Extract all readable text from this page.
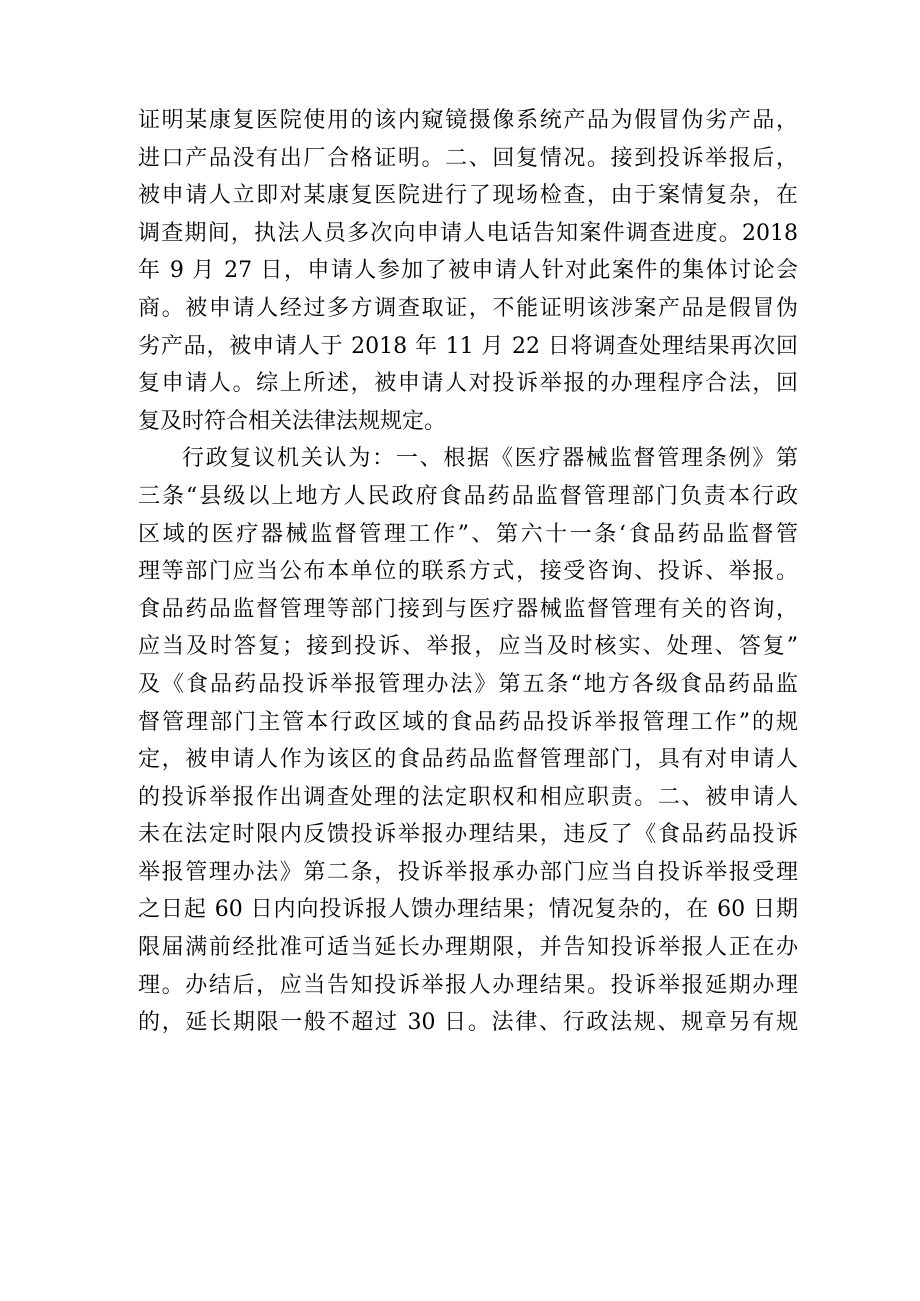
证明某康复医院使用的该内窥镜摄像系统产品为假冒伪劣产品，
进口产品没有出厂合格证明。二、回复情况。接到投诉举报后，
被申请人立即对某康复医院进行了现场检查，由于案情复杂，在
调查期间，执法人员多次向申请人电话告知案件调查进度。2018
年 9 月 27 日，申请人参加了被申请人针对此案件的集体讨论会
商。被申请人经过多方调查取证，不能证明该涉案产品是假冒伪
劣产品，被申请人于 2018 年 11 月 22 日将调查处理结果再次回
复申请人。综上所述，被申请人对投诉举报的办理程序合法，回
复及时符合相关法律法规规定。
行政复议机关认为：一、根据《医疗器械监督管理条例》第
三条“县级以上地方人民政府食品药品监督管理部门负责本行政
区域的医疗器械监督管理工作”、第六十一条‘食品药品监督管
理等部门应当公布本单位的联系方式，接受咨询、投诉、举报。
食品药品监督管理等部门接到与医疗器械监督管理有关的咨询，
应当及时答复；接到投诉、举报，应当及时核实、处理、答复”
及《食品药品投诉举报管理办法》第五条“地方各级食品药品监
督管理部门主管本行政区域的食品药品投诉举报管理工作”的规
定，被申请人作为该区的食品药品监督管理部门，具有对申请人
的投诉举报作出调查处理的法定职权和相应职责。二、被申请人
未在法定时限内反馈投诉举报办理结果，违反了《食品药品投诉
举报管理办法》第二条，投诉举报承办部门应当自投诉举报受理
之日起 60 日内向投诉报人馈办理结果；情况复杂的，在 60 日期
限届满前经批准可适当延长办理期限，并告知投诉举报人正在办
理。办结后，应当告知投诉举报人办理结果。投诉举报延期办理
的，延长期限一般不超过 30 日。法律、行政法规、规章另有规
